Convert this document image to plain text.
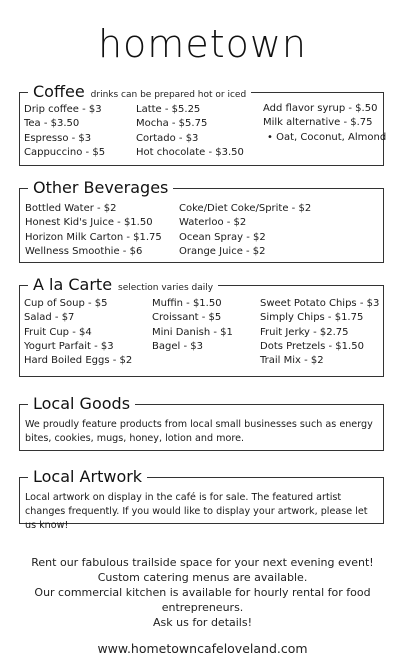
hometown
Coffee drinks can be prepared hot or iced
Drip coffee - $3
Tea - $3.50
Espresso - $3
Cappuccino - $5
Latte - $5.25
Mocha - $5.75
Cortado - $3
Hot chocolate - $3.50
Add flavor syrup - $.50
Milk alternative - $.75
• Oat, Coconut, Almond
Other Beverages
Bottled Water - $2
Honest Kid's Juice - $1.50
Horizon Milk Carton - $1.75
Wellness Smoothie - $6
Coke/Diet Coke/Sprite - $2
Waterloo - $2
Ocean Spray - $2
Orange Juice - $2
A la Carte selection varies daily
Cup of Soup - $5
Salad - $7
Fruit Cup - $4
Yogurt Parfait - $3
Hard Boiled Eggs - $2
Muffin - $1.50
Croissant - $5
Mini Danish - $1
Bagel - $3
Sweet Potato Chips - $3
Simply Chips - $1.75
Fruit Jerky - $2.75
Dots Pretzels - $1.50
Trail Mix - $2
Local Goods
We proudly feature products from local small businesses such as energy bites, cookies, mugs, honey, lotion and more.
Local Artwork
Local artwork on display in the café is for sale. The featured artist changes frequently. If you would like to display your artwork, please let us know!
Rent our fabulous trailside space for your next evening event!
Custom catering menus are available.
Our commercial kitchen is available for hourly rental for food entrepreneurs.
Ask us for details!
www.hometowncafeloveland.com
